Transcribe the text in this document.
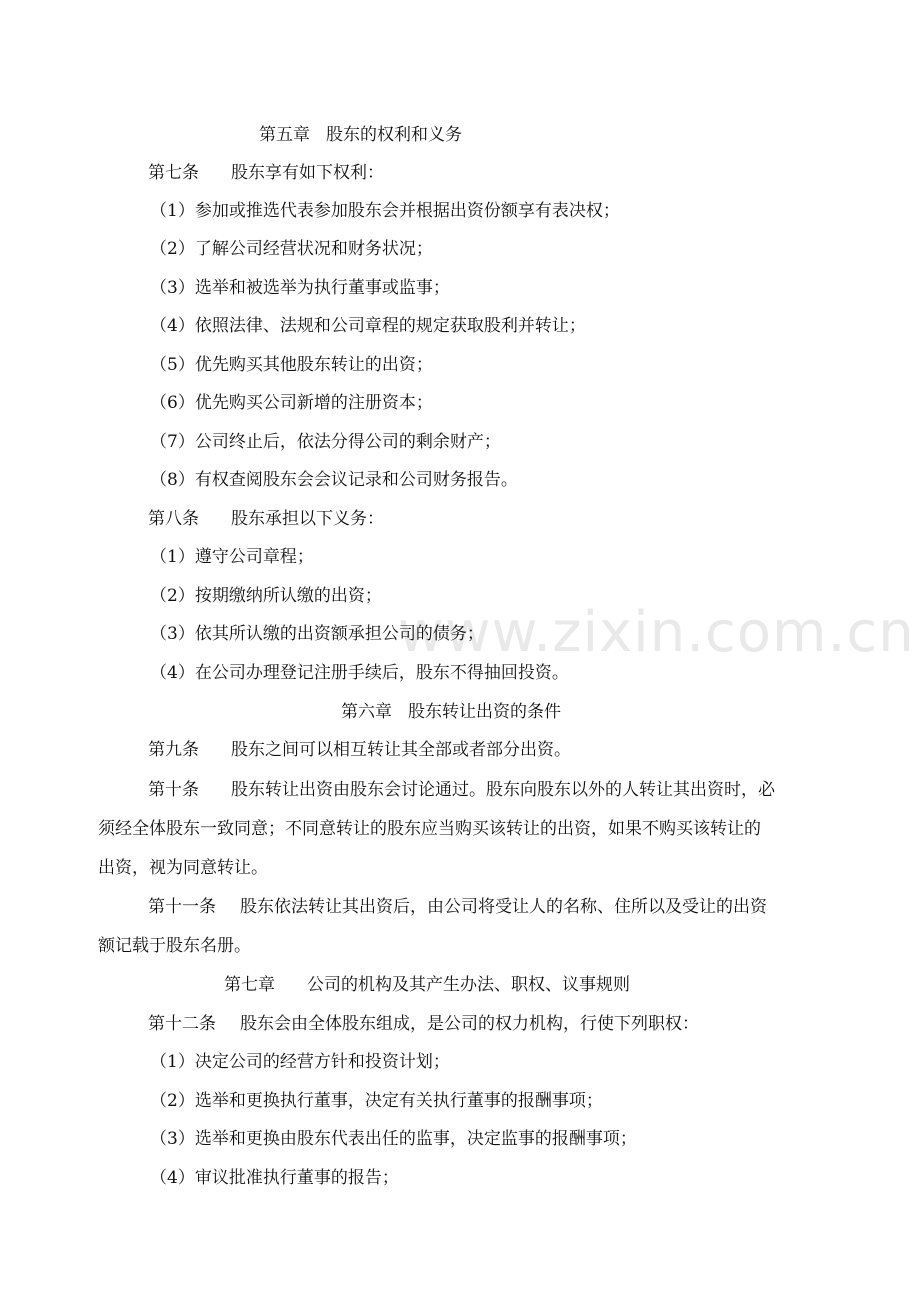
www.zixin.com.cn

第五章 股东的权利和义务

第七条 股东享有如下权利：

（1）参加或推选代表参加股东会并根据出资份额享有表决权；

（2）了解公司经营状况和财务状况；

（3）选举和被选举为执行董事或监事；

（4）依照法律、法规和公司章程的规定获取股利并转让；

（5）优先购买其他股东转让的出资；

（6）优先购买公司新增的注册资本；

（7）公司终止后，依法分得公司的剩余财产；

（8）有权查阅股东会会议记录和公司财务报告。

第八条 股东承担以下义务：

（1）遵守公司章程；

（2）按期缴纳所认缴的出资；

（3）依其所认缴的出资额承担公司的债务；

（4）在公司办理登记注册手续后，股东不得抽回投资。

第六章 股东转让出资的条件

第九条 股东之间可以相互转让其全部或者部分出资。

第十条 股东转让出资由股东会讨论通过。股东向股东以外的人转让其出资时，必

须经全体股东一致同意；不同意转让的股东应当购买该转让的出资，如果不购买该转让的

出资，视为同意转让。

第十一条 股东依法转让其出资后，由公司将受让人的名称、住所以及受让的出资

额记载于股东名册。

第七章 公司的机构及其产生办法、职权、议事规则

第十二条 股东会由全体股东组成，是公司的权力机构，行使下列职权：

（1）决定公司的经营方针和投资计划；

（2）选举和更换执行董事，决定有关执行董事的报酬事项；

（3）选举和更换由股东代表出任的监事，决定监事的报酬事项；

（4）审议批准执行董事的报告；
